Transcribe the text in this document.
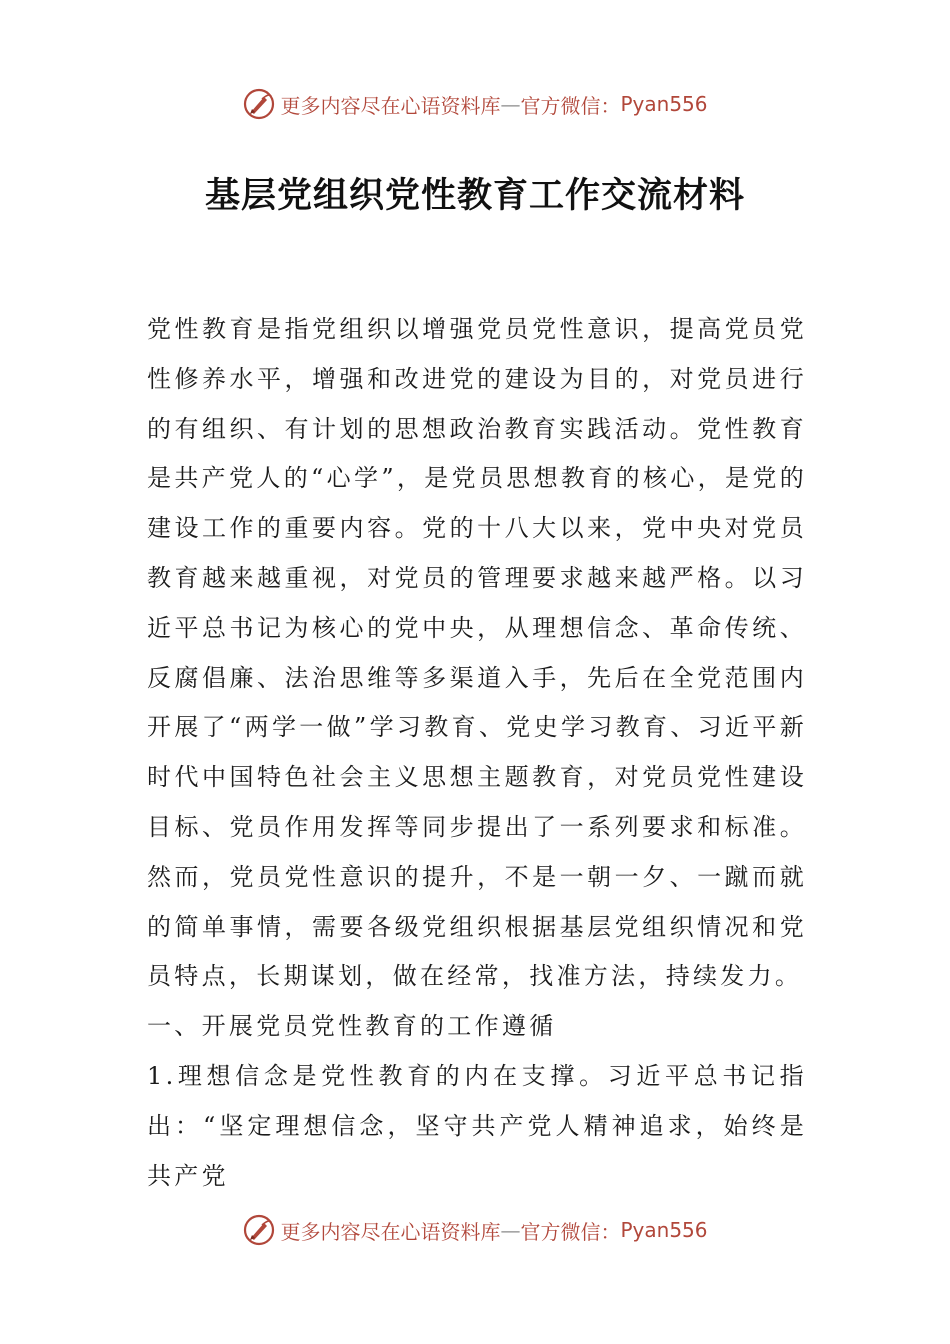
更多内容尽在心语资料库 — 官方微信： Pyan556
基层党组织党性教育工作交流材料

党性教育是指党组织以增强党员党性意识，提高党员党性修养水平，增强和改进党的建设为目的，对党员进行的有组织、有计划的思想政治教育实践活动。党性教育是共产党人的“心学”，是党员思想教育的核心，是党的建设工作的重要内容。党的十八大以来，党中央对党员教育越来越重视，对党员的管理要求越来越严格。以习近平总书记为核心的党中央，从理想信念、革命传统、反腐倡廉、法治思维等多渠道入手，先后在全党范围内开展了“两学一做”学习教育、党史学习教育、习近平新时代中国特色社会主义思想主题教育，对党员党性建设目标、党员作用发挥等同步提出了一系列要求和标准。然而，党员党性意识的提升，不是一朝一夕、一蹴而就的简单事情，需要各级党组织根据基层党组织情况和党员特点，长期谋划，做在经常，找准方法，持续发力。

一、开展党员党性教育的工作遵循

1.理想信念是党性教育的内在支撑。习近平总书记指出：“坚定理想信念，坚守共产党人精神追求，始终是共产党

更多内容尽在心语资料库 — 官方微信： Pyan556
